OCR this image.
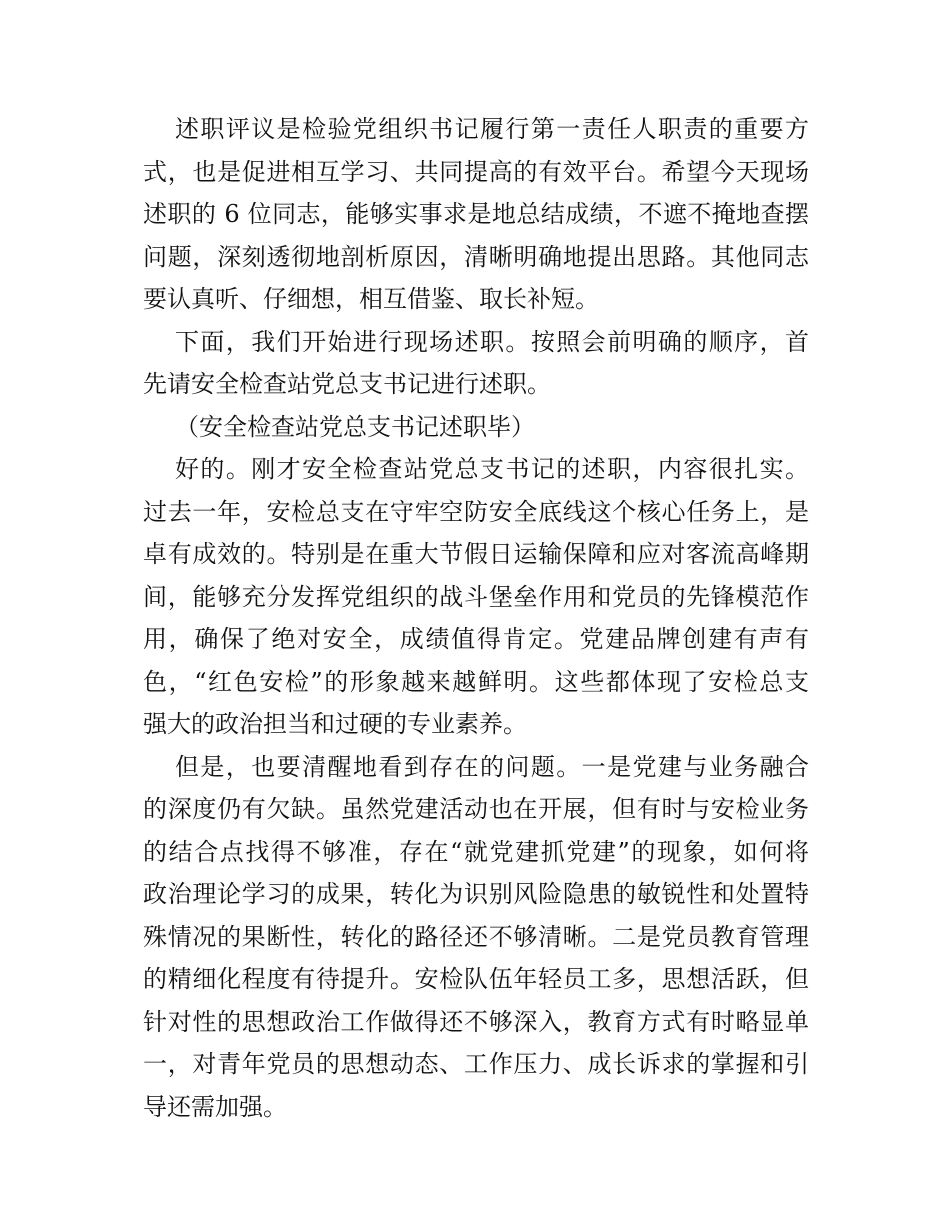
述职评议是检验党组织书记履行第一责任人职责的重要方
式，也是促进相互学习、共同提高的有效平台。希望今天现场
述职的 6 位同志，能够实事求是地总结成绩，不遮不掩地查摆
问题，深刻透彻地剖析原因，清晰明确地提出思路。其他同志
要认真听、仔细想，相互借鉴、取长补短。
下面，我们开始进行现场述职。按照会前明确的顺序，首
先请安全检查站党总支书记进行述职。
（安全检查站党总支书记述职毕）
好的。刚才安全检查站党总支书记的述职，内容很扎实。
过去一年，安检总支在守牢空防安全底线这个核心任务上，是
卓有成效的。特别是在重大节假日运输保障和应对客流高峰期
间，能够充分发挥党组织的战斗堡垒作用和党员的先锋模范作
用，确保了绝对安全，成绩值得肯定。党建品牌创建有声有
色，“红色安检”的形象越来越鲜明。这些都体现了安检总支
强大的政治担当和过硬的专业素养。
但是，也要清醒地看到存在的问题。一是党建与业务融合
的深度仍有欠缺。虽然党建活动也在开展，但有时与安检业务
的结合点找得不够准，存在“就党建抓党建”的现象，如何将
政治理论学习的成果，转化为识别风险隐患的敏锐性和处置特
殊情况的果断性，转化的路径还不够清晰。二是党员教育管理
的精细化程度有待提升。安检队伍年轻员工多，思想活跃，但
针对性的思想政治工作做得还不够深入，教育方式有时略显单
一，对青年党员的思想动态、工作压力、成长诉求的掌握和引
导还需加强。
